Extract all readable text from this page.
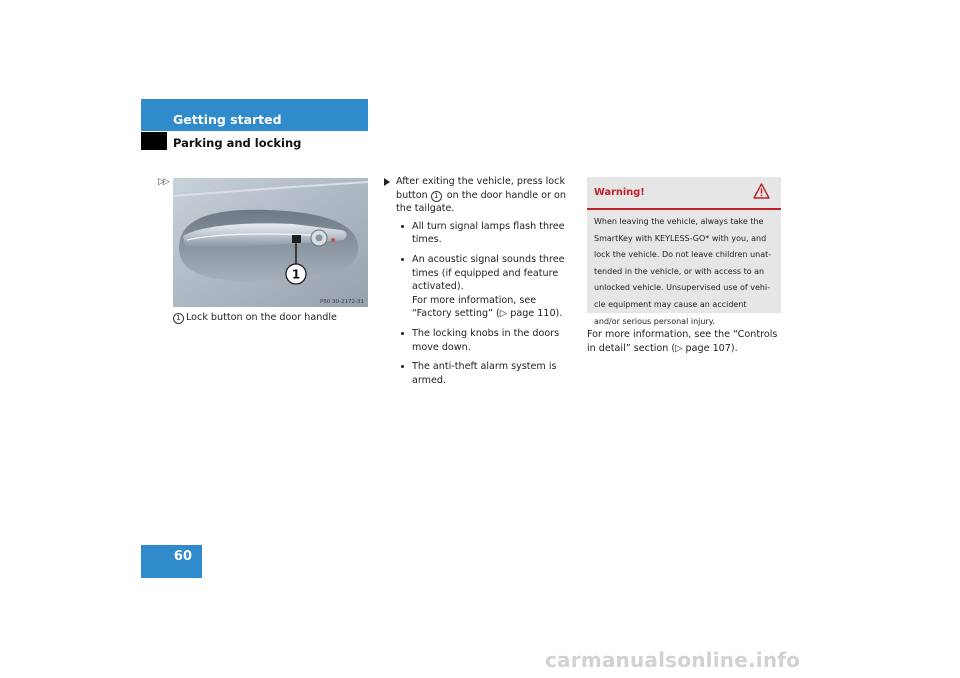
Getting started
Parking and locking
▷▷
1
P80.30-2172-31
1 Lock button on the door handle
After exiting the vehicle, press lock button 1 on the door handle or on the tailgate.
All turn signal lamps flash three times.
An acoustic signal sounds three times (if equipped and feature activated).
For more information, see “Factory setting” (▷ page 110).
The locking knobs in the doors move down.
The anti-theft alarm system is armed.
Warning!
When leaving the vehicle, always take the
SmartKey with KEYLESS-GO* with you, and
lock the vehicle. Do not leave children unat-
tended in the vehicle, or with access to an
unlocked vehicle. Unsupervised use of vehi-
cle equipment may cause an accident
and/or serious personal injury.
For more information, see the “Controls in detail” section (▷ page 107).
60
carmanualsonline.info
